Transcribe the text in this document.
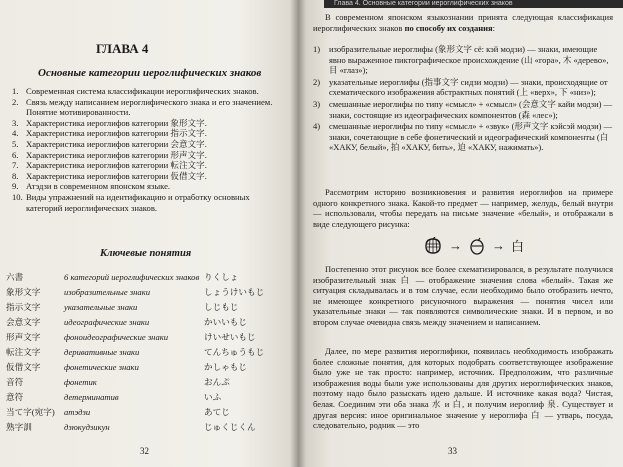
ГЛАВА 4
Основные категории иероглифических знаков
1. Современная система классификации иероглифических знаков.
2. Связь между написанием иероглифического знака и его значением. Понятие мотивированности.
3. Характеристика иероглифов категории 象形文字.
4. Характеристика иероглифов категории 指示文字.
5. Характеристика иероглифов категории 会意文字.
6. Характеристика иероглифов категории 形声文字.
7. Характеристика иероглифов категории 転注文字.
8. Характеристика иероглифов категории 仮借文字.
9. Атэдзи в современном японском языке.
10. Виды упражнений на идентификацию и отработку основных категорий иероглифических знаков.
Ключевые понятия
六書	6 категорий иероглифических знаков りくしょ
象形文字	изобразительные знаки	しょうけいもじ
指示文字	указательные знаки	しじもじ
会意文字	идеографические знаки	かいいもじ
形声文字	фоноидеографические знаки	けいせいもじ
転注文字	деривативные знаки	てんちゅうもじ
仮借文字	фонетические знаки	かしゃもじ
音符	фонетик	おんぷ
意符	детерминатив	いふ
当て字(宛字)	атэдзи	あてじ
熟字訓	дзюкудзикун	じゅくじくん
32
Глава 4. Основные категории иероглифических знаков
В современном японском языкознании принята следующая классификация иероглифических знаков по способу их создания:
1) изобразительные иероглифы (象形文字 сё: кэй модзи) — знаки, имеющие явно выраженное пиктографическое происхождение (山 «гора», 木 «дерево», 目 «глаз»);
2) указательные иероглифы (指事文字 сидзи модзи) — знаки, происходящие от схематического изображения абстрактных понятий (上 «верх», 下 «низ»);
3) смешанные иероглифы по типу «смысл» + «смысл» (会意文字 кайи модзи) — знаки, состоящие из идеографических компонентов (森 «лес»);
4) смешанные иероглифы по типу «смысл» + «звук» (形声文字 кэйсэй модзи) — знаки, сочетающие в себе фонетический и идеографический компоненты (白 «ХАКУ, белый», 拍 «ХАКУ, бить», 迫 «ХАКУ, нажимать»).
Рассмотрим историю возникновения и развития иероглифов на примере одного конкретного знака. Какой-то предмет — например, желудь, белый внутри — использовали, чтобы передать на письме значение «белый», и отображали в виде следующего рисунка:
→ → 白
Постепенно этот рисунок все более схематизировался, в результате получился изобразительный знак 白 — отображение значения слова «белый». Такая же ситуация складывалась и в том случае, если необходимо было отобразить нечто, не имеющее конкретного рисуночного выражения — понятия чисел или указательные знаки — так появляются символические знаки. И в первом, и во втором случае очевидна связь между значением и написанием.
Далее, по мере развития иероглифики, появилась необходимость изображать более сложные понятия, для которых подобрать соответствующее изображение было уже не так просто: например, источник. Предположим, что различные изображения воды были уже использованы для других иероглифических знаков, поэтому надо было разыскать идею дальше. И источнике какая вода? Чистая, белая. Соединим эти оба знака 水 и 白, и получим иероглиф 泉. Существует и другая версия: иное оригинальное значение у иероглифа 白 — утварь, посуда, следовательно, родник — это
33
